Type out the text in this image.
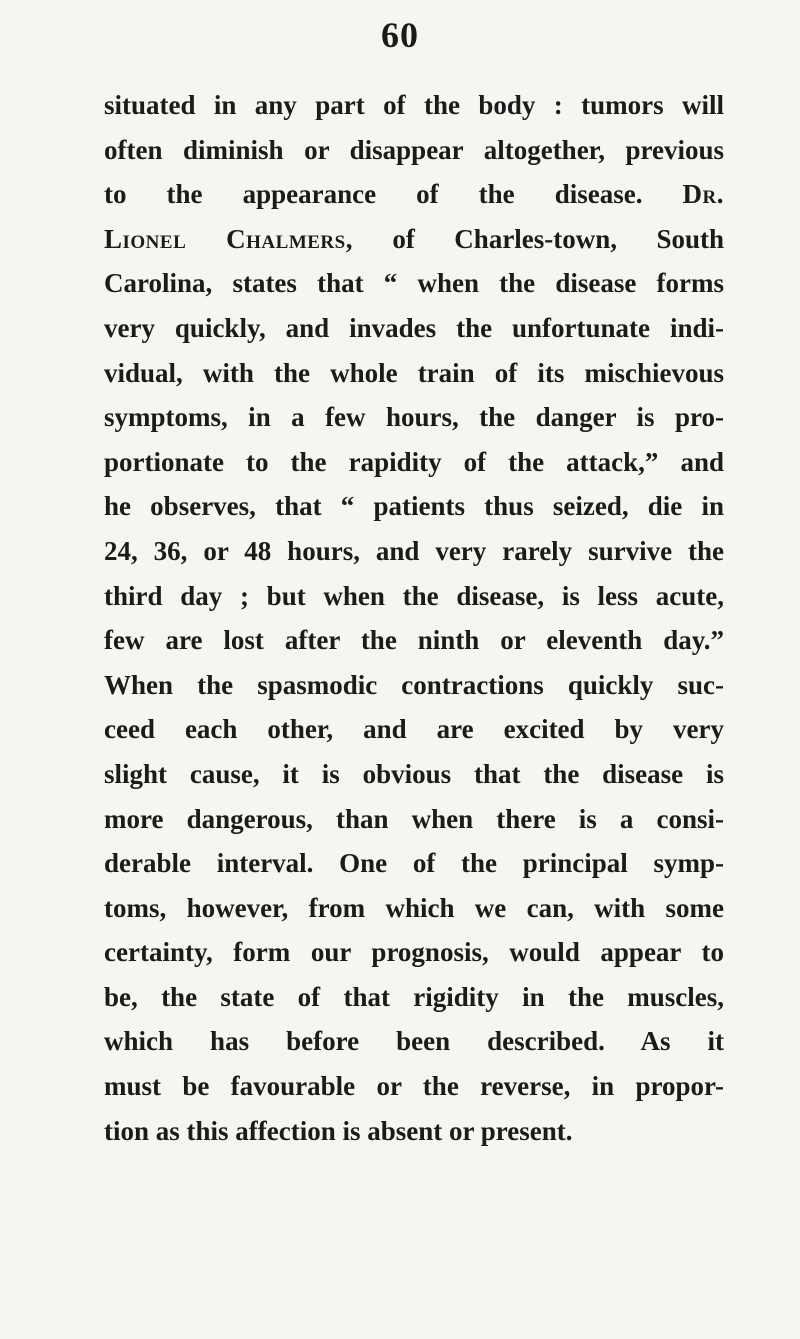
60
situated in any part of the body : tumors will
often diminish or disappear altogether, previous
to the appearance of the disease. Dr.
Lionel Chalmers, of Charles-town, South
Carolina, states that “ when the disease forms
very quickly, and invades the unfortunate indi-
vidual, with the whole train of its mischievous
symptoms, in a few hours, the danger is pro-
portionate to the rapidity of the attack,” and
he observes, that “ patients thus seized, die in
24, 36, or 48 hours, and very rarely survive the
third day ; but when the disease, is less acute,
few are lost after the ninth or eleventh day.”
When the spasmodic contractions quickly suc-
ceed each other, and are excited by very
slight cause, it is obvious that the disease is
more dangerous, than when there is a consi-
derable interval. One of the principal symp-
toms, however, from which we can, with some
certainty, form our prognosis, would appear to
be, the state of that rigidity in the muscles,
which has before been described. As it
must be favourable or the reverse, in propor-
tion as this affection is absent or present.
